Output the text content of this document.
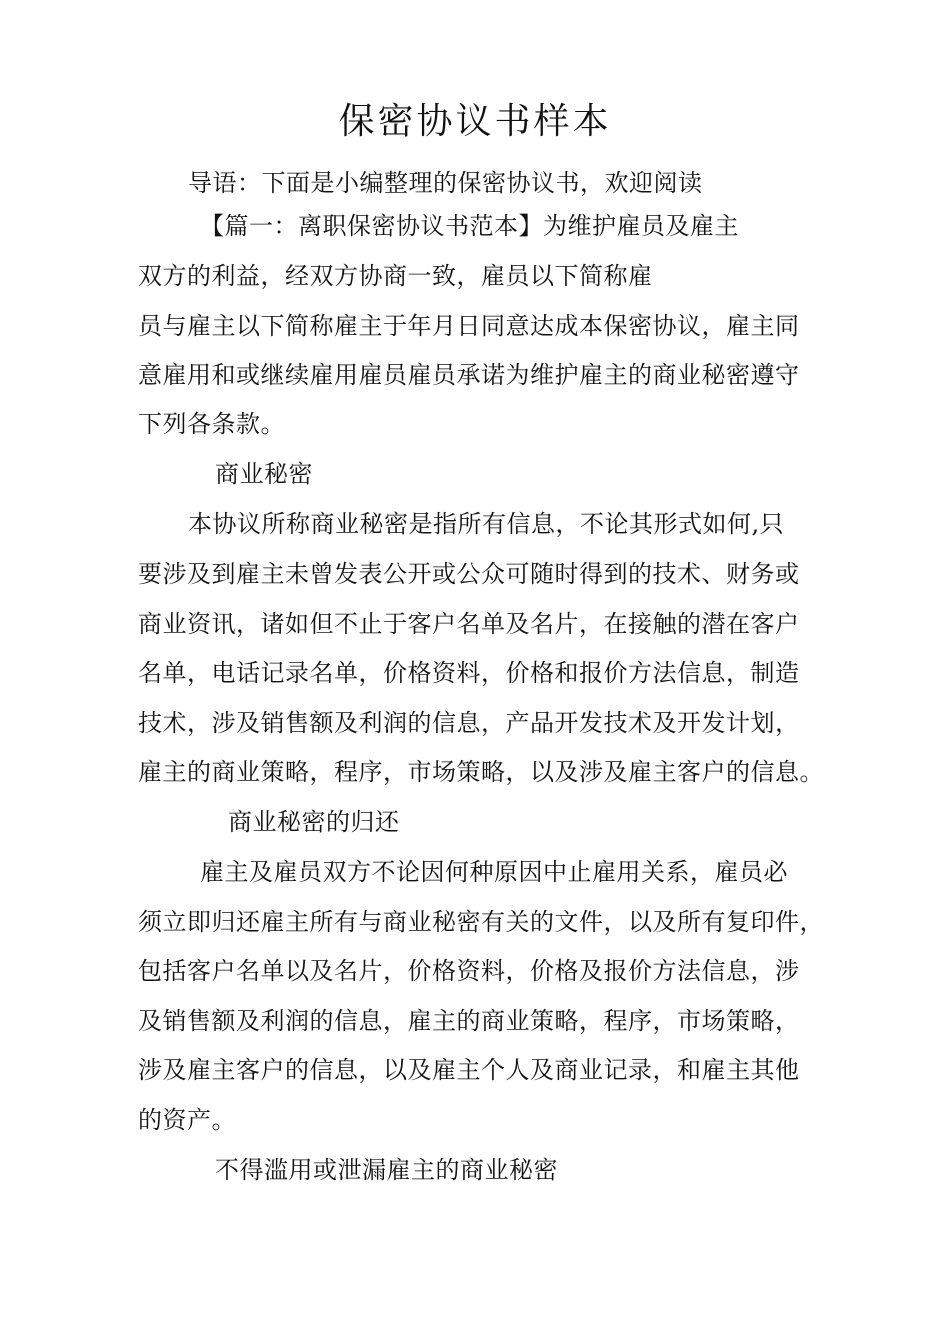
保密协议书样本
导语：下面是小编整理的保密协议书，欢迎阅读
【篇一：离职保密协议书范本】为维护雇员及雇主
双方的利益，经双方协商一致，雇员以下简称雇
员与雇主以下简称雇主于年月日同意达成本保密协议，雇主同
意雇用和或继续雇用雇员雇员承诺为维护雇主的商业秘密遵守
下列各条款。
商业秘密
本协议所称商业秘密是指所有信息，不论其形式如何,只
要涉及到雇主未曾发表公开或公众可随时得到的技术、财务或
商业资讯，诸如但不止于客户名单及名片，在接触的潜在客户
名单，电话记录名单，价格资料，价格和报价方法信息，制造
技术，涉及销售额及利润的信息，产品开发技术及开发计划，
雇主的商业策略，程序，市场策略，以及涉及雇主客户的信息。
商业秘密的归还
雇主及雇员双方不论因何种原因中止雇用关系，雇员必
须立即归还雇主所有与商业秘密有关的文件，以及所有复印件，
包括客户名单以及名片，价格资料，价格及报价方法信息，涉
及销售额及利润的信息，雇主的商业策略，程序，市场策略，
涉及雇主客户的信息，以及雇主个人及商业记录，和雇主其他
的资产。
不得滥用或泄漏雇主的商业秘密
